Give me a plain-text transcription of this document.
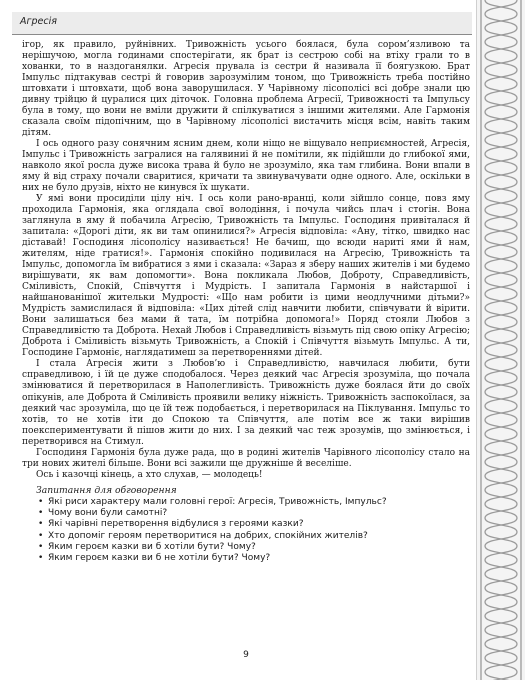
Агресія

ігор, як правило, руйнівних. Тривожність усього боялася, була сором’язливою та нерішучою, могла годинами спостерігати, як брат із сестрою собі на втіху грали то в хованки, то в наздоганялки. Агресія прувала із сестри й називала її боягузкою. Брат Імпульс підтакував сестрі й говорив зарозумілим тоном, що Тривожність треба постійно штовхати і штовхати, щоб вона заворушилася. У Чарівному лісополісі всі добре знали цю дивну трійцю й цуралися цих діточок. Головна проблема Агресії, Тривожності та Імпульсу була в тому, що вони не вміли дружити й спілкуватися з іншими жителями. Але Гармонія сказала своїм підопічним, що в Чарівному лісополісі вистачить місця всім, навіть таким дітям.

І ось одного разу сонячним ясним днем, коли ніщо не віщувало неприємностей, Агресія, Імпульс і Тривожність загралися на галявиниі й не помітили, як підійшли до глибокої ями, навколо якої росла дуже висока трава й було не зрозуміло, яка там глибина. Вони впали в яму й від страху почали сваритися, кричати та звинувачувати одне одного. Але, оскільки в них не було друзів, ніхто не кинувся їх шукати.

У ямі вони просиділи цілу ніч. І ось коли рано-вранці, коли зійшло сонце, повз яму проходила Гармонія, яка оглядала свої володіння, і почула чийсь плач і стогін. Вона заглянула в яму й побачила Агресію, Тривожність та Імпульс. Господиня привіталася й запитала: «Дорогі діти, як ви там опинилися?» Агресія відповіла: «Ану, тітко, швидко нас діставай! Господиня лісополісу називається! Не бачиш, що всюди нариті ями й нам, жителям, ніде гратися!». Гармонія спокійно подивилася на Агресію, Тривожність та Імпульс, допомогла їм вибратися з ями і сказала: «Зараз я зберу наших жителів і ми будемо вирішувати, як вам допомогти». Вона покликала Любов, Доброту, Справедливість, Сміливість, Спокій, Співчуття і Мудрість. І запитала Гармонія в найстаршої і найшанованішої жительки Мудрості: «Що нам робити із цими неодлучними дітьми?» Мудрість замислилася й відповіла: «Цих дітей слід навчити любити, співчувати й вірити. Вони залишаться без мами й тата, їм потрібна допомога!» Поряд стояли Любов з Справедливістю та Доброта. Нехай Любов і Справедливість візьмуть під свою опіку Агресію; Доброта і Сміливість візьмуть Тривожність, а Спокій і Співчуття візьмуть Імпульс. А ти, Господине Гармоніє, наглядатимеш за перетвореннями дітей.

І стала Агресія жити з Любов’ю і Справедливістю, навчилася любити, бути справедливою, і їй це дуже сподобалося. Через деякий час Агресія зрозуміла, що почала змінюватися й перетворилася в Наполегливість. Тривожність дуже боялася йти до своїх опікунів, але Доброта й Сміливість проявили велику ніжність. Тривожність заспокоїлася, за деякий час зрозуміла, що це їй теж подобається, і перетворилася на Піклування. Імпульс то хотів, то не хотів іти до Спокою та Співчуття, але потім все ж таки вирішив поекспериментувати й пішов жити до них. І за деякий час теж зрозумів, що змінюється, і перетворився на Стимул.

Господиня Гармонія була дуже рада, що в родині жителів Чарівного лісополісу стало на три нових жителі більше. Вони всі зажили ще дружніше й веселіше.

Ось і казочці кінець, а хто слухав, — молодець!

Запитання для обговорення
• Які риси характеру мали головні герої: Агресія, Тривожність, Імпульс?
• Чому вони були самотні?
• Які чарівні перетворення відбулися з героями казки?
• Хто допоміг героям перетворитися на добрих, спокійних жителів?
• Яким героєм казки ви б хотіли бути? Чому?
• Яким героєм казки ви б не хотіли бути? Чому?
9
